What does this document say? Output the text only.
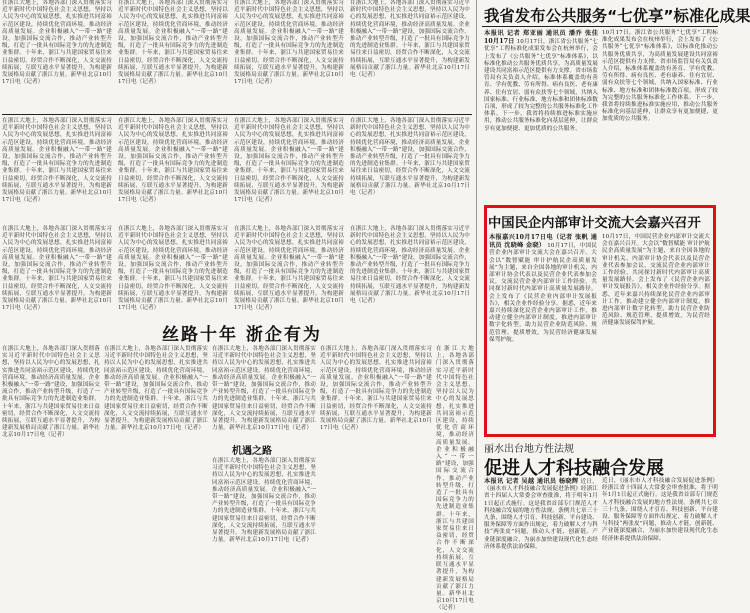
在浙江大地上，各地各部门深入贯彻落实习近平新时代中国特色社会主义思想，坚持以人民为中心的发展思想，扎实推进共同富裕示范区建设，持续优化营商环境，推动经济高质量发展。企业积极融入“一带一路”建设，加强国际交流合作，推动产业转型升级，打造了一批具有国际竞争力的先进制造业集群。十年来，浙江与共建国家贸易往来日益密切，经贸合作不断深化，人文交流持续拓展，互联互通水平显著提升，为构建新发展格局贡献了浙江力量。新华社北京10月17日电（记者）
在浙江大地上，各地各部门深入贯彻落实习近平新时代中国特色社会主义思想，坚持以人民为中心的发展思想，扎实推进共同富裕示范区建设，持续优化营商环境，推动经济高质量发展。企业积极融入“一带一路”建设，加强国际交流合作，推动产业转型升级，打造了一批具有国际竞争力的先进制造业集群。十年来，浙江与共建国家贸易往来日益密切，经贸合作不断深化，人文交流持续拓展，互联互通水平显著提升，为构建新发展格局贡献了浙江力量。新华社北京10月17日电（记者）
在浙江大地上，各地各部门深入贯彻落实习近平新时代中国特色社会主义思想，坚持以人民为中心的发展思想，扎实推进共同富裕示范区建设，持续优化营商环境，推动经济高质量发展。企业积极融入“一带一路”建设，加强国际交流合作，推动产业转型升级，打造了一批具有国际竞争力的先进制造业集群。十年来，浙江与共建国家贸易往来日益密切，经贸合作不断深化，人文交流持续拓展，互联互通水平显著提升，为构建新发展格局贡献了浙江力量。新华社北京10月17日电（记者）
在浙江大地上，各地各部门深入贯彻落实习近平新时代中国特色社会主义思想，坚持以人民为中心的发展思想，扎实推进共同富裕示范区建设，持续优化营商环境，推动经济高质量发展。企业积极融入“一带一路”建设，加强国际交流合作，推动产业转型升级，打造了一批具有国际竞争力的先进制造业集群。十年来，浙江与共建国家贸易往来日益密切，经贸合作不断深化，人文交流持续拓展，互联互通水平显著提升，为构建新发展格局贡献了浙江力量。新华社北京10月17日电（记者）
在浙江大地上，各地各部门深入贯彻落实习近平新时代中国特色社会主义思想，坚持以人民为中心的发展思想，扎实推进共同富裕示范区建设，持续优化营商环境，推动经济高质量发展。企业积极融入“一带一路”建设，加强国际交流合作，推动产业转型升级，打造了一批具有国际竞争力的先进制造业集群。十年来，浙江与共建国家贸易往来日益密切，经贸合作不断深化，人文交流持续拓展，互联互通水平显著提升，为构建新发展格局贡献了浙江力量。新华社北京10月17日电（记者）
在浙江大地上，各地各部门深入贯彻落实习近平新时代中国特色社会主义思想，坚持以人民为中心的发展思想，扎实推进共同富裕示范区建设，持续优化营商环境，推动经济高质量发展。企业积极融入“一带一路”建设，加强国际交流合作，推动产业转型升级，打造了一批具有国际竞争力的先进制造业集群。十年来，浙江与共建国家贸易往来日益密切，经贸合作不断深化，人文交流持续拓展，互联互通水平显著提升，为构建新发展格局贡献了浙江力量。新华社北京10月17日电（记者）
在浙江大地上，各地各部门深入贯彻落实习近平新时代中国特色社会主义思想，坚持以人民为中心的发展思想，扎实推进共同富裕示范区建设，持续优化营商环境，推动经济高质量发展。企业积极融入“一带一路”建设，加强国际交流合作，推动产业转型升级，打造了一批具有国际竞争力的先进制造业集群。十年来，浙江与共建国家贸易往来日益密切，经贸合作不断深化，人文交流持续拓展，互联互通水平显著提升，为构建新发展格局贡献了浙江力量。新华社北京10月17日电（记者）
在浙江大地上，各地各部门深入贯彻落实习近平新时代中国特色社会主义思想，坚持以人民为中心的发展思想，扎实推进共同富裕示范区建设，持续优化营商环境，推动经济高质量发展。企业积极融入“一带一路”建设，加强国际交流合作，推动产业转型升级，打造了一批具有国际竞争力的先进制造业集群。十年来，浙江与共建国家贸易往来日益密切，经贸合作不断深化，人文交流持续拓展，互联互通水平显著提升，为构建新发展格局贡献了浙江力量。新华社北京10月17日电（记者）
在浙江大地上，各地各部门深入贯彻落实习近平新时代中国特色社会主义思想，坚持以人民为中心的发展思想，扎实推进共同富裕示范区建设，持续优化营商环境，推动经济高质量发展。企业积极融入“一带一路”建设，加强国际交流合作，推动产业转型升级，打造了一批具有国际竞争力的先进制造业集群。十年来，浙江与共建国家贸易往来日益密切，经贸合作不断深化，人文交流持续拓展，互联互通水平显著提升，为构建新发展格局贡献了浙江力量。新华社北京10月17日电（记者）
在浙江大地上，各地各部门深入贯彻落实习近平新时代中国特色社会主义思想，坚持以人民为中心的发展思想，扎实推进共同富裕示范区建设，持续优化营商环境，推动经济高质量发展。企业积极融入“一带一路”建设，加强国际交流合作，推动产业转型升级，打造了一批具有国际竞争力的先进制造业集群。十年来，浙江与共建国家贸易往来日益密切，经贸合作不断深化，人文交流持续拓展，互联互通水平显著提升，为构建新发展格局贡献了浙江力量。新华社北京10月17日电（记者）
在浙江大地上，各地各部门深入贯彻落实习近平新时代中国特色社会主义思想，坚持以人民为中心的发展思想，扎实推进共同富裕示范区建设，持续优化营商环境，推动经济高质量发展。企业积极融入“一带一路”建设，加强国际交流合作，推动产业转型升级，打造了一批具有国际竞争力的先进制造业集群。十年来，浙江与共建国家贸易往来日益密切，经贸合作不断深化，人文交流持续拓展，互联互通水平显著提升，为构建新发展格局贡献了浙江力量。新华社北京10月17日电（记者）
在浙江大地上，各地各部门深入贯彻落实习近平新时代中国特色社会主义思想，坚持以人民为中心的发展思想，扎实推进共同富裕示范区建设，持续优化营商环境，推动经济高质量发展。企业积极融入“一带一路”建设，加强国际交流合作，推动产业转型升级，打造了一批具有国际竞争力的先进制造业集群。十年来，浙江与共建国家贸易往来日益密切，经贸合作不断深化，人文交流持续拓展，互联互通水平显著提升，为构建新发展格局贡献了浙江力量。新华社北京10月17日电（记者）
丝路十年 浙企有为
在浙江大地上，各地各部门深入贯彻落实习近平新时代中国特色社会主义思想，坚持以人民为中心的发展思想，扎实推进共同富裕示范区建设，持续优化营商环境，推动经济高质量发展。企业积极融入“一带一路”建设，加强国际交流合作，推动产业转型升级，打造了一批具有国际竞争力的先进制造业集群。十年来，浙江与共建国家贸易往来日益密切，经贸合作不断深化，人文交流持续拓展，互联互通水平显著提升，为构建新发展格局贡献了浙江力量。新华社北京10月17日电（记者）
在浙江大地上，各地各部门深入贯彻落实习近平新时代中国特色社会主义思想，坚持以人民为中心的发展思想，扎实推进共同富裕示范区建设，持续优化营商环境，推动经济高质量发展。企业积极融入“一带一路”建设，加强国际交流合作，推动产业转型升级，打造了一批具有国际竞争力的先进制造业集群。十年来，浙江与共建国家贸易往来日益密切，经贸合作不断深化，人文交流持续拓展，互联互通水平显著提升，为构建新发展格局贡献了浙江力量。新华社北京10月17日电（记者）
在浙江大地上，各地各部门深入贯彻落实习近平新时代中国特色社会主义思想，坚持以人民为中心的发展思想，扎实推进共同富裕示范区建设，持续优化营商环境，推动经济高质量发展。企业积极融入“一带一路”建设，加强国际交流合作，推动产业转型升级，打造了一批具有国际竞争力的先进制造业集群。十年来，浙江与共建国家贸易往来日益密切，经贸合作不断深化，人文交流持续拓展，互联互通水平显著提升，为构建新发展格局贡献了浙江力量。新华社北京10月17日电（记者）
机遇之路
在浙江大地上，各地各部门深入贯彻落实习近平新时代中国特色社会主义思想，坚持以人民为中心的发展思想，扎实推进共同富裕示范区建设，持续优化营商环境，推动经济高质量发展。企业积极融入“一带一路”建设，加强国际交流合作，推动产业转型升级，打造了一批具有国际竞争力的先进制造业集群。十年来，浙江与共建国家贸易往来日益密切，经贸合作不断深化，人文交流持续拓展，互联互通水平显著提升，为构建新发展格局贡献了浙江力量。新华社北京10月17日电（记者）
在浙江大地上，各地各部门深入贯彻落实习近平新时代中国特色社会主义思想，坚持以人民为中心的发展思想，扎实推进共同富裕示范区建设，持续优化营商环境，推动经济高质量发展。企业积极融入“一带一路”建设，加强国际交流合作，推动产业转型升级，打造了一批具有国际竞争力的先进制造业集群。十年来，浙江与共建国家贸易往来日益密切，经贸合作不断深化，人文交流持续拓展，互联互通水平显著提升，为构建新发展格局贡献了浙江力量。新华社北京10月17日电（记者）
在浙江大地上，各地各部门深入贯彻落实习近平新时代中国特色社会主义思想，坚持以人民为中心的发展思想，扎实推进共同富裕示范区建设，持续优化营商环境，推动经济高质量发展。企业积极融入“一带一路”建设，加强国际交流合作，推动产业转型升级，打造了一批具有国际竞争力的先进制造业集群。十年来，浙江与共建国家贸易往来日益密切，经贸合作不断深化，人文交流持续拓展，互联互通水平显著提升，为构建新发展格局贡献了浙江力量。新华社北京10月17日电（记者）
我省发布公共服务“七优享”标准化成果
本报讯 记者 郑亚丽 通讯员 潘乔 张佳 10月17日 10月17日，浙江省公共服务“七优享”工程标准化成果发布会在杭州举行，会上发布了《公共服务“七优享”标准体系》，以标准化推动公共服务优质共享，为高质量发展建设共同富裕示范区提供有力支撑。省市场监管局有关负责人介绍，标准体系覆盖幼有善育、学有优教、劳有所得、病有良医、老有康养、住有宜居、弱有众扶等七个领域，共纳入国家标准、行业标准、地方标准和团体标准数百项，形成了较为完整的公共服务标准化工作体系。下一步，我省将持续推进标准实施应用，推动公共服务标准化向基层延伸，让群众享有更加便捷、更加优质的公共服务。
10月17日，浙江省公共服务“七优享”工程标准化成果发布会在杭州举行，会上发布了《公共服务“七优享”标准体系》，以标准化推动公共服务优质共享，为高质量发展建设共同富裕示范区提供有力支撑。省市场监管局有关负责人介绍，标准体系覆盖幼有善育、学有优教、劳有所得、病有良医、老有康养、住有宜居、弱有众扶等七个领域，共纳入国家标准、行业标准、地方标准和团体标准数百项，形成了较为完整的公共服务标准化工作体系。下一步，我省将持续推进标准实施应用，推动公共服务标准化向基层延伸，让群众享有更加便捷、更加优质的公共服务。
中国民企内部审计交流大会嘉兴召开
本报嘉兴10月17日电（记者 张帆 通讯员 沈晓峰 金晓） 10月17日，中国民营企业内部审计交流大会在嘉兴召开。大会以“数智赋能 审计护航民企高质量发展”为主题，来自全国各地的审计机关、内部审计协会代表以及民营企业代表参加会议，交流民营企业内部审计工作经验，共同探讨新时代内部审计高质量发展路径。会上发布了《民营企业内部审计发展报告》，相关企业作经验分享。据悉，近年来嘉兴持续深化民营企业内部审计工作，推动建立健全内部审计制度，推进内部审计数字化转型，助力民营企业防范风险、规范管理、提质增效，为民营经济健康发展保驾护航。
10月17日，中国民营企业内部审计交流大会在嘉兴召开。大会以“数智赋能 审计护航民企高质量发展”为主题，来自全国各地的审计机关、内部审计协会代表以及民营企业代表参加会议，交流民营企业内部审计工作经验，共同探讨新时代内部审计高质量发展路径。会上发布了《民营企业内部审计发展报告》，相关企业作经验分享。据悉，近年来嘉兴持续深化民营企业内部审计工作，推动建立健全内部审计制度，推进内部审计数字化转型，助力民营企业防范风险、规范管理、提质增效，为民营经济健康发展保驾护航。
丽水出台地方性法规
促进人才科技融合发展
本报讯 记者 吴越 通讯员 杨晓辉 近日，《丽水市人才科技融合发展促进条例》经浙江省十四届人大常委会审查批准，将于明年1月1日起正式施行。这是我省首部专门规范人才科技融合发展的地方性法规。条例共七章三十九条，围绕人才引育、科技创新、平台建设、服务保障等方面作出规定，着力破解人才与科技“两张皮”问题，推动人才链、创新链、产业链深度融合，为丽水加快建设现代化生态经济体系提供法治保障。
近日，《丽水市人才科技融合发展促进条例》经浙江省十四届人大常委会审查批准，将于明年1月1日起正式施行。这是我省首部专门规范人才科技融合发展的地方性法规。条例共七章三十九条，围绕人才引育、科技创新、平台建设、服务保障等方面作出规定，着力破解人才与科技“两张皮”问题，推动人才链、创新链、产业链深度融合，为丽水加快建设现代化生态经济体系提供法治保障。
